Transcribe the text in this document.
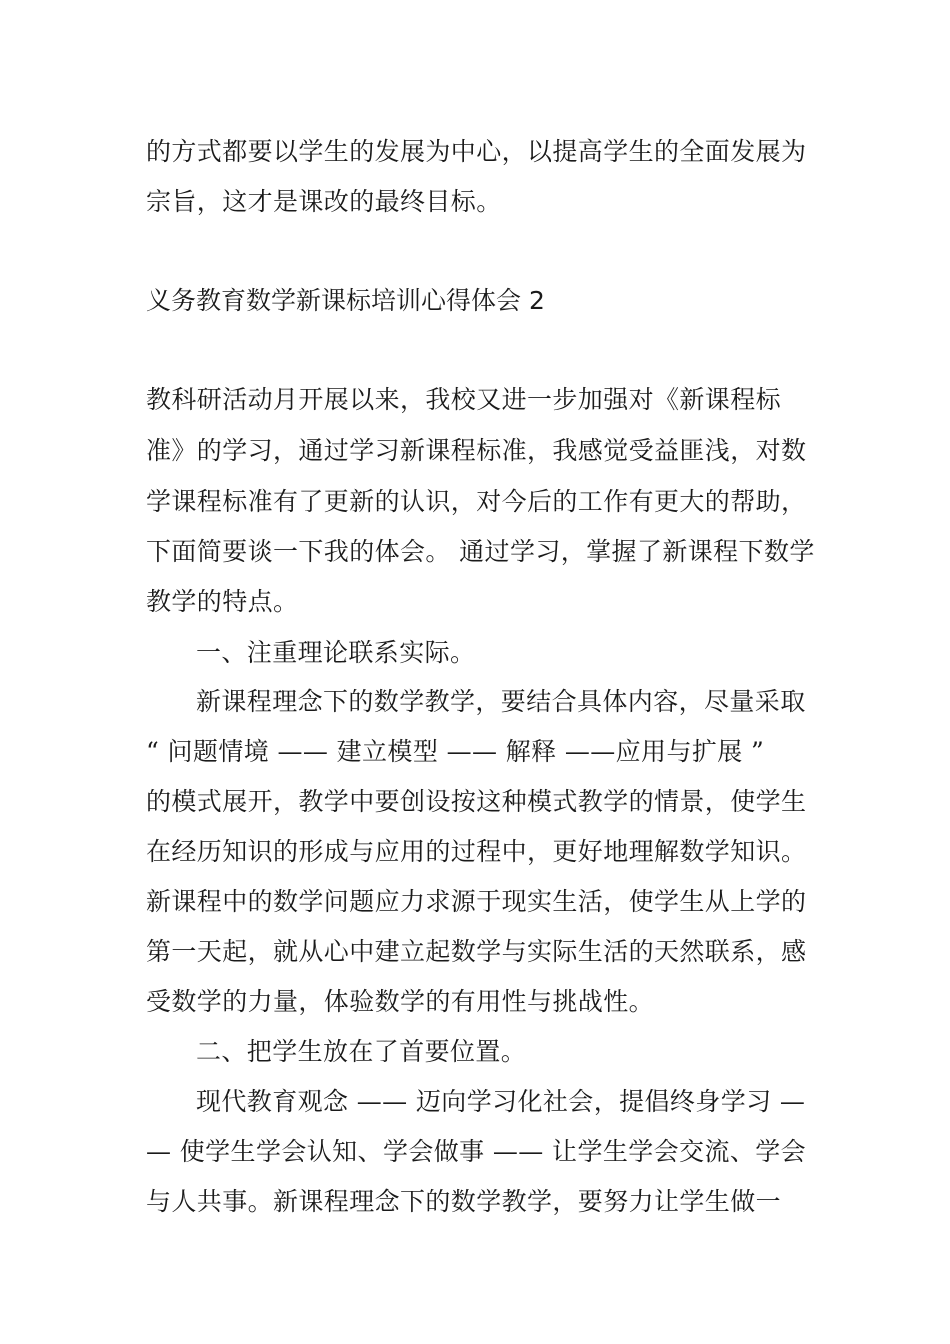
的方式都要以学生的发展为中心，以提高学生的全面发展为
宗旨，这才是课改的最终目标。
义务教育数学新课标培训心得体会 2
教科研活动月开展以来，我校又进一步加强对《新课程标
准》的学习，通过学习新课程标准，我感觉受益匪浅，对数
学课程标准有了更新的认识，对今后的工作有更大的帮助，
下面简要谈一下我的体会。 通过学习，掌握了新课程下数学
教学的特点。
一、注重理论联系实际。
新课程理念下的数学教学，要结合具体内容，尽量采取
“ 问题情境 —— 建立模型 —— 解释 ——应用与扩展 ”
的模式展开，教学中要创设按这种模式教学的情景，使学生
在经历知识的形成与应用的过程中，更好地理解数学知识。
新课程中的数学问题应力求源于现实生活，使学生从上学的
第一天起，就从心中建立起数学与实际生活的天然联系，感
受数学的力量，体验数学的有用性与挑战性。
二、把学生放在了首要位置。
现代教育观念 —— 迈向学习化社会，提倡终身学习 —
— 使学生学会认知、学会做事 —— 让学生学会交流、学会
与人共事。新课程理念下的数学教学，要努力让学生做一
